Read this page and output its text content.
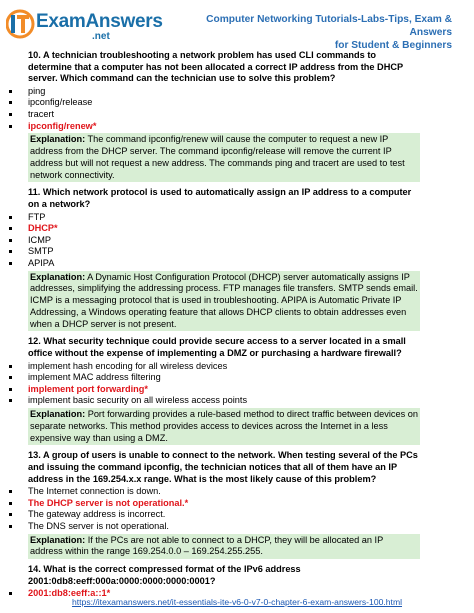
ExamAnswers
.net
Computer Networking Tutorials-Labs-Tips, Exam & Answers
for Student & Beginners
10. A technician troubleshooting a network problem has used CLI commands to determine that a computer has not been allocated a correct IP address from the DHCP server. Which command can the technician use to solve this problem?
ping
ipconfig/release
tracert
ipconfig/renew*
Explanation: The command ipconfig/renew will cause the computer to request a new IP address from the DHCP server. The command ipconfig/release will remove the current IP address but will not request a new address. The commands ping and tracert are used to test network connectivity.
11. Which network protocol is used to automatically assign an IP address to a computer on a network?
FTP
DHCP*
ICMP
SMTP
APIPA
Explanation: A Dynamic Host Configuration Protocol (DHCP) server automatically assigns IP addresses, simplifying the addressing process. FTP manages file transfers. SMTP sends email. ICMP is a messaging protocol that is used in troubleshooting. APIPA is Automatic Private IP Addressing, a Windows operating feature that allows DHCP clients to obtain addresses even when a DHCP server is not present.
12. What security technique could provide secure access to a server located in a small office without the expense of implementing a DMZ or purchasing a hardware firewall?
implement hash encoding for all wireless devices
implement MAC address filtering
implement port forwarding*
implement basic security on all wireless access points
Explanation: Port forwarding provides a rule-based method to direct traffic between devices on separate networks. This method provides access to devices across the Internet in a less expensive way than using a DMZ.
13. A group of users is unable to connect to the network. When testing several of the PCs and issuing the command ipconfig, the technician notices that all of them have an IP address in the 169.254.x.x range. What is the most likely cause of this problem?
The Internet connection is down.
The DHCP server is not operational.*
The gateway address is incorrect.
The DNS server is not operational.
Explanation: If the PCs are not able to connect to a DHCP, they will be allocated an IP address within the range 169.254.0.0 – 169.254.255.255.
14. What is the correct compressed format of the IPv6 address 2001:0db8:eeff:000a:0000:0000:0000:0001?
2001:db8:eeff:a::1*
https://itexamanswers.net/it-essentials-ite-v6-0-v7-0-chapter-6-exam-answers-100.html
